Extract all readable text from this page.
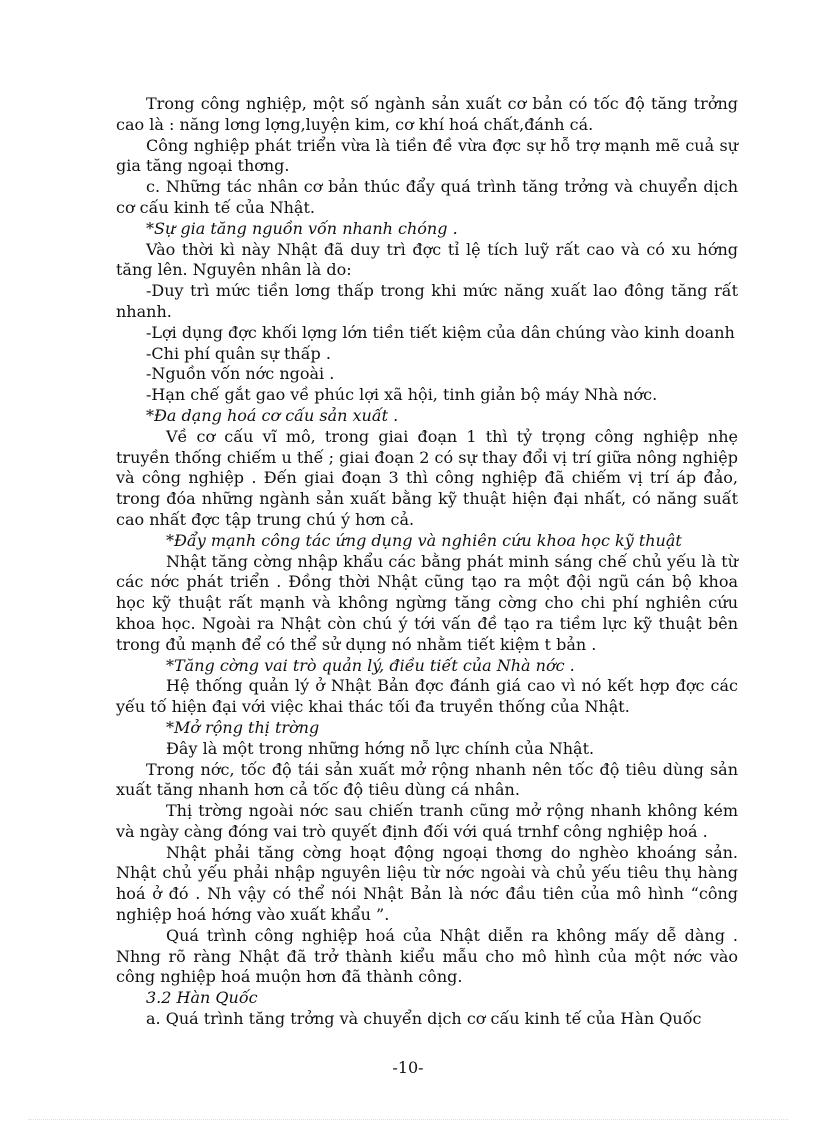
Trong công nghiệp, một số ngành sản xuất cơ bản có tốc độ tăng trởng cao là : năng lơng lợng,luyện kim, cơ khí hoá chất,đánh cá.

Công nghiệp phát triển vừa là tiền đề vừa đợc sự hỗ trợ mạnh mẽ cuả sự gia tăng ngoại thơng.

c. Những tác nhân cơ bản thúc đẩy quá trình tăng trởng và chuyển dịch cơ cấu kinh tế của Nhật.

*Sự gia tăng nguồn vốn nhanh chóng .

Vào thời kì này Nhật đã duy trì đợc tỉ lệ tích luỹ rất cao và có xu hớng tăng lên. Nguyên nhân là do:

-Duy trì mức tiền lơng thấp trong khi mức năng xuất lao đông tăng rất nhanh.

-Lợi dụng đợc khối lợng lớn tiền tiết kiệm của dân chúng vào kinh doanh

-Chi phí quân sự thấp .

-Nguồn vốn nớc ngoài .

-Hạn chế gắt gao về phúc lợi xã hội, tinh giản bộ máy Nhà nớc.

*Đa dạng hoá cơ cấu sản xuất .

Về cơ cấu vĩ mô, trong giai đoạn 1 thì tỷ trọng công nghiệp nhẹ truyền thống chiếm u thế ; giai đoạn 2 có sự thay đổi vị trí giữa nông nghiệp và công nghiệp . Đến giai đoạn 3 thì công nghiệp đã chiếm vị trí áp đảo, trong đóa những ngành sản xuất bằng kỹ thuật hiện đại nhất, có năng suất cao nhất đợc tập trung chú ý hơn cả.

*Đẩy mạnh công tác ứng dụng và nghiên cứu khoa học kỹ thuật

Nhật tăng cờng nhập khẩu các bằng phát minh sáng chế chủ yếu là từ các nớc phát triển . Đồng thời Nhật cũng tạo ra một đội ngũ cán bộ khoa học kỹ thuật rất mạnh và không ngừng tăng cờng cho chi phí nghiên cứu khoa học. Ngoài ra Nhật còn chú ý tới vấn đề tạo ra tiềm lực kỹ thuật bên trong đủ mạnh để có thể sử dụng nó nhằm tiết kiệm t bản .

*Tăng cờng vai trò quản lý, điều tiết của Nhà nớc .

Hệ thống quản lý ở Nhật Bản đợc đánh giá cao vì nó kết hợp đợc các yếu tố hiện đại với việc khai thác tối đa truyền thống của Nhật.

*Mở rộng thị trờng

Đây là một trong những hớng nỗ lực chính của Nhật.

Trong nớc, tốc độ tái sản xuất mở rộng nhanh nên tốc độ tiêu dùng sản xuất tăng nhanh hơn cả tốc độ tiêu dùng cá nhân.

Thị trờng ngoài nớc sau chiến tranh cũng mở rộng nhanh không kém và ngày càng đóng vai trò quyết định đối với quá trnhf công nghiệp hoá .

Nhật phải tăng cờng hoạt động ngoại thơng do nghèo khoáng sản. Nhật chủ yếu phải nhập nguyên liệu từ nớc ngoài và chủ yếu tiêu thụ hàng hoá ở đó . Nh vậy có thể nói Nhật Bản là nớc đầu tiên của mô hình “công nghiệp hoá hớng vào xuất khẩu ”.

Quá trình công nghiệp hoá của Nhật diễn ra không mấy dễ dàng . Nhng rõ ràng Nhật đã trở thành kiểu mẫu cho mô hình của một nớc vào công nghiệp hoá muộn hơn đã thành công.

3.2 Hàn Quốc

a. Quá trình tăng trởng và chuyển dịch cơ cấu kinh tế của Hàn Quốc

-10-
